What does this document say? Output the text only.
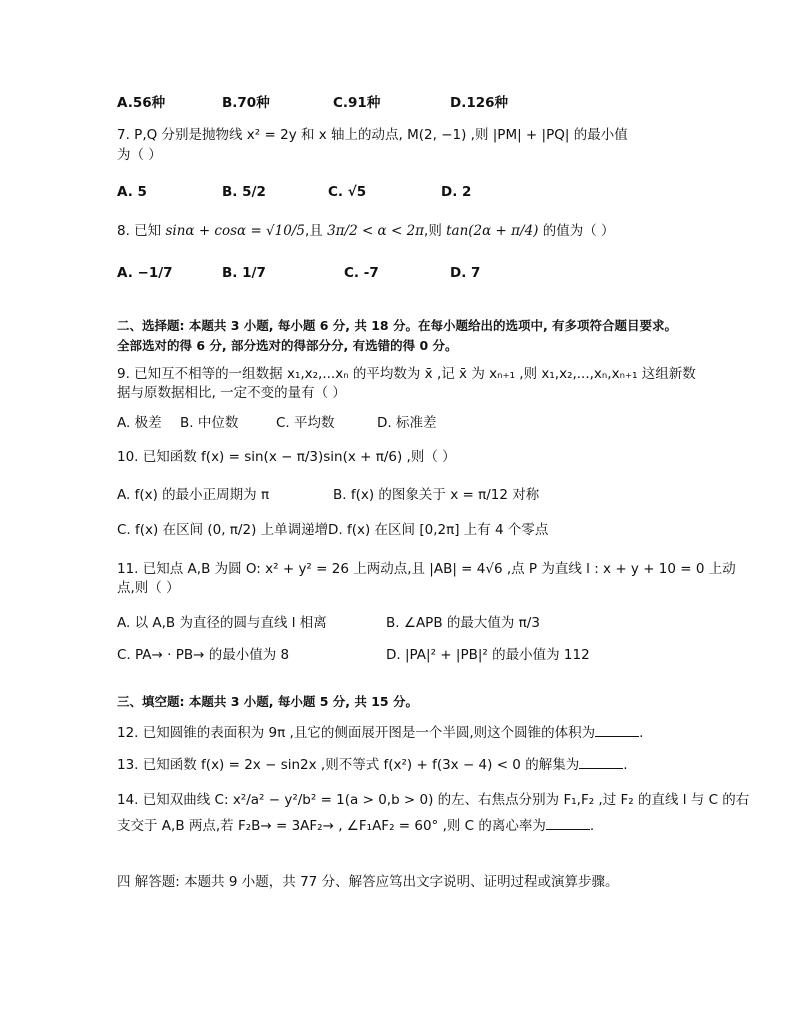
A.56种	B.70种	C.91种	D.126种
7. P,Q 分别是抛物线 x² = 2y 和 x 轴上的动点, M(2, −1) ,则 |PM| + |PQ| 的最小值
为（ ）
A. 5	B. 5/2	C. √5	D. 2
8. 已知 sinα + cosα = √10/5,且 3π/2 < α < 2π,则 tan(2α + π/4) 的值为（ ）
A. −1/7	B. 1/7	C. -7	D. 7
二、选择题: 本题共 3 小题, 每小题 6 分, 共 18 分。在每小题给出的选项中, 有多项符合题目要求。全部选对的得 6 分, 部分选对的得部分分, 有选错的得 0 分。
9. 已知互不相等的一组数据 x₁,x₂,...xₙ 的平均数为 x̄ ,记 x̄ 为 xₙ₊₁ ,则 x₁,x₂,...,xₙ,xₙ₊₁ 这组新数
据与原数据相比, 一定不变的量有（ ）
A. 极差 B. 中位数	C. 平均数	D. 标准差
10. 已知函数 f(x) = sin(x − π/3)sin(x + π/6) ,则（ ）
A. f(x) 的最小正周期为 π	B. f(x) 的图象关于 x = π/12 对称
C. f(x) 在区间 (0, π/2) 上单调递增 D. f(x) 在区间 [0,2π] 上有 4 个零点
11. 已知点 A,B 为圆 O: x² + y² = 26 上两动点,且 |AB| = 4√6 ,点 P 为直线 l : x + y + 10 = 0 上动
点,则（ ）
A. 以 A,B 为直径的圆与直线 l 相离	B. ∠APB 的最大值为 π/3
C. PA→ · PB→ 的最小值为 8	D. |PA|² + |PB|² 的最小值为 112
三、填空题: 本题共 3 小题, 每小题 5 分, 共 15 分。
12. 已知圆锥的表面积为 9π ,且它的侧面展开图是一个半圆,则这个圆锥的体积为	.
13. 已知函数 f(x) = 2x − sin2x ,则不等式 f(x²) + f(3x − 4) < 0 的解集为	.
14. 已知双曲线 C: x²/a² − y²/b² = 1(a > 0,b > 0) 的左、右焦点分别为 F₁,F₂ ,过 F₂ 的直线 l 与 C 的右
支交于 A,B 两点,若 F₂B→ = 3AF₂→ , ∠F₁AF₂ = 60° ,则 C 的离心率为	.
四 解答题: 本题共 9 小题，共 77 分、解答应笃出文字说明、证明过程或演算步骤。
